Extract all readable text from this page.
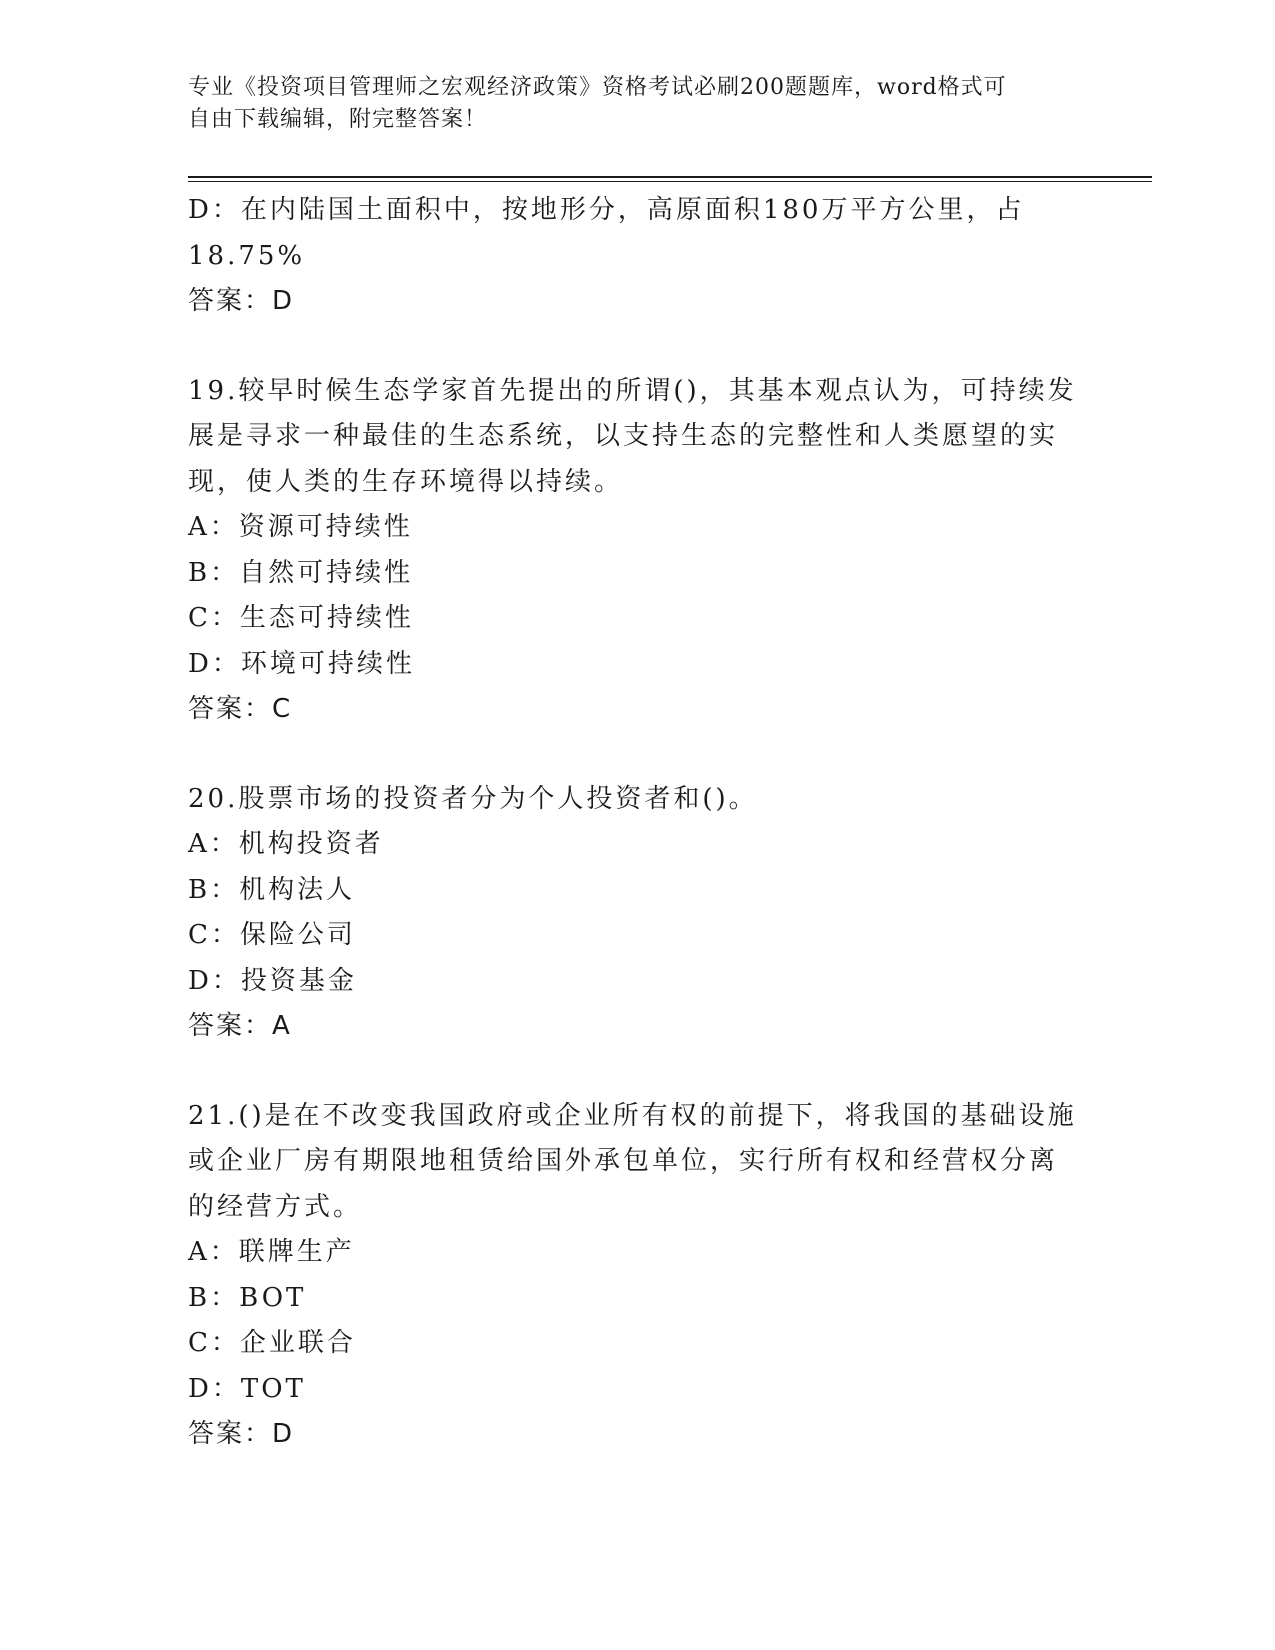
专业《投资项目管理师之宏观经济政策》资格考试必刷200题题库，word格式可
自由下载编辑，附完整答案！
D：在内陆国土面积中，按地形分，高原面积180万平方公里，占
18.75%
答案：D
19.较早时候生态学家首先提出的所谓()，其基本观点认为，可持续发
展是寻求一种最佳的生态系统，以支持生态的完整性和人类愿望的实
现，使人类的生存环境得以持续。
A：资源可持续性
B：自然可持续性
C：生态可持续性
D：环境可持续性
答案：C
20.股票市场的投资者分为个人投资者和()。
A：机构投资者
B：机构法人
C：保险公司
D：投资基金
答案：A
21.()是在不改变我国政府或企业所有权的前提下，将我国的基础设施
或企业厂房有期限地租赁给国外承包单位，实行所有权和经营权分离
的经营方式。
A：联牌生产
B：BOT
C：企业联合
D：TOT
答案：D
